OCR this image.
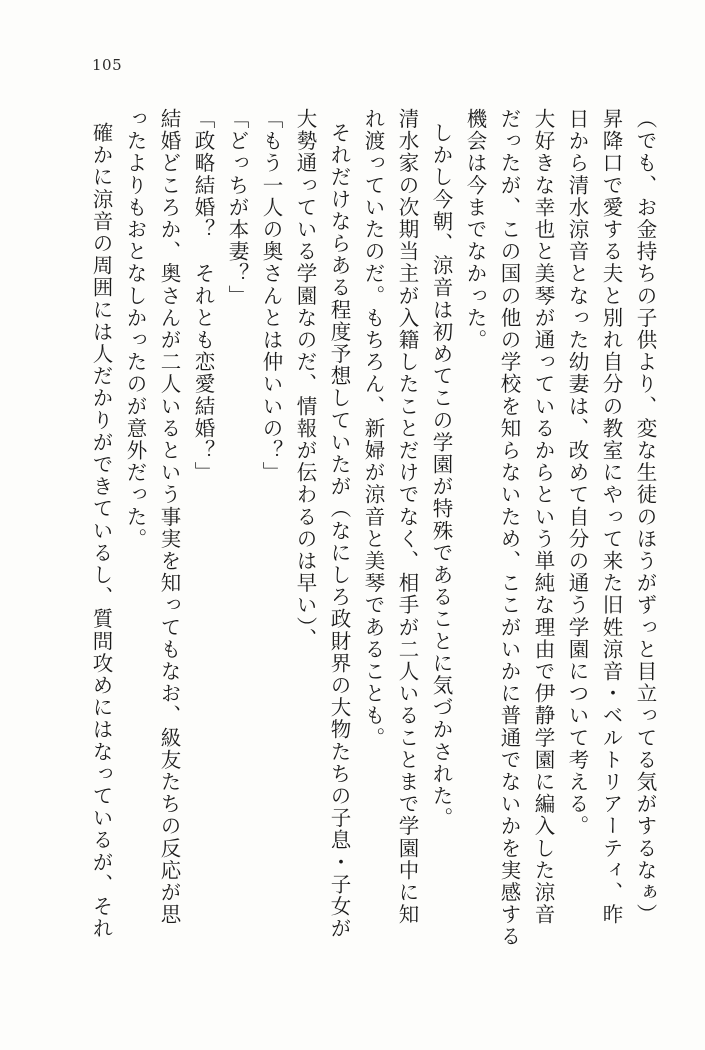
105
（でも、お金持ちの子供より、変な生徒のほうがずっと目立ってる気がするなぁ）
昇降口で愛する夫と別れ自分の教室にやって来た旧姓涼音・ベルトリアーティ、昨
日から清水涼音となった幼妻は、改めて自分の通う学園について考える。
大好きな幸也と美琴が通っているからという単純な理由で伊静学園に編入した涼音
だったが、この国の他の学校を知らないため、ここがいかに普通でないかを実感する
機会は今までなかった。
しかし今朝、涼音は初めてこの学園が特殊であることに気づかされた。
清水家の次期当主が入籍したことだけでなく、相手が二人いることまで学園中に知
れ渡っていたのだ。もちろん、新婦が涼音と美琴であることも。
それだけならある程度予想していたが（なにしろ政財界の大物たちの子息・子女が
大勢通っている学園なのだ、情報が伝わるのは早い）、
「もう一人の奥さんとは仲いいの？」
「どっちが本妻？」
「政略結婚？　それとも恋愛結婚？」
結婚どころか、奥さんが二人いるという事実を知ってもなお、級友たちの反応が思
ったよりもおとなしかったのが意外だった。
確かに涼音の周囲には人だかりができているし、質問攻めにはなっているが、それ
